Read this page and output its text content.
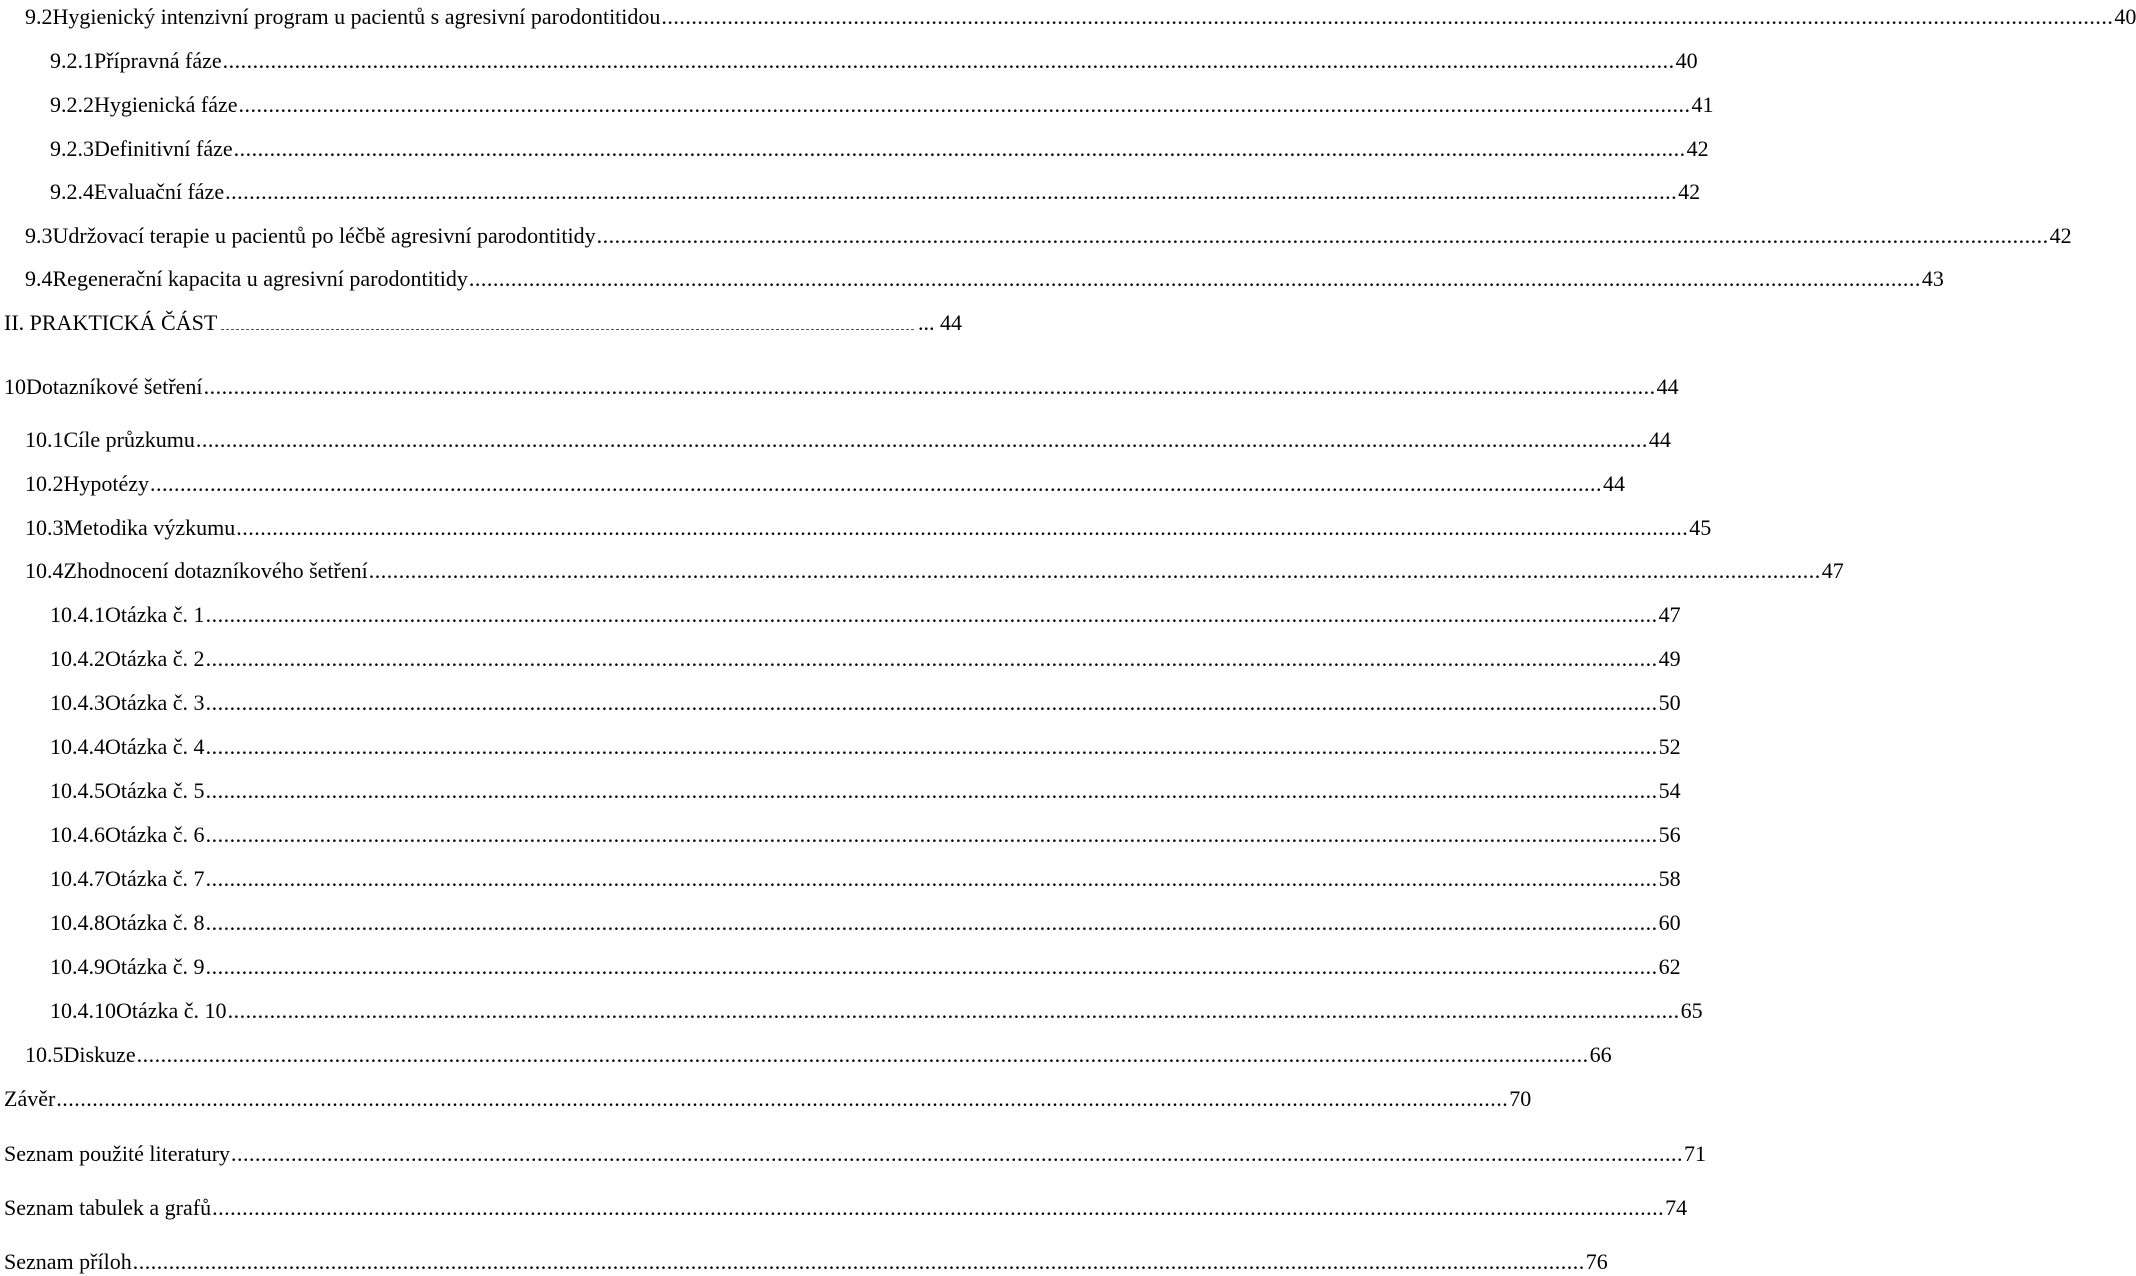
9.2 Hygienický intenzivní program u pacientů s agresivní parodontitidou .....	40
9.2.1 Přípravná fáze .....	40
9.2.2 Hygienická fáze .....	41
9.2.3 Definitivní fáze .....	42
9.2.4 Evaluační fáze .....	42
9.3 Udržovací terapie u pacientů po léčbě agresivní parodontitidy .....	42
9.4 Regenerační kapacita u agresivní parodontitidy .....	43
II. PRAKTICKÁ ČÁST	... 44
10 Dotazníkové šetření .....	44
10.1 Cíle průzkumu .....	44
10.2 Hypotézy .....	44
10.3 Metodika výzkumu .....	45
10.4 Zhodnocení dotazníkového šetření .....	47
10.4.1 Otázka č. 1 .....	47
10.4.2 Otázka č. 2 .....	49
10.4.3 Otázka č. 3 .....	50
10.4.4 Otázka č. 4 .....	52
10.4.5 Otázka č. 5 .....	54
10.4.6 Otázka č. 6 .....	56
10.4.7 Otázka č. 7 .....	58
10.4.8 Otázka č. 8 .....	60
10.4.9 Otázka č. 9 .....	62
10.4.10 Otázka č. 10 .....	65
10.5 Diskuze .....	66
Závěr .....	70
Seznam použité literatury .....	71
Seznam tabulek a grafů .....	74
Seznam příloh .....	76
